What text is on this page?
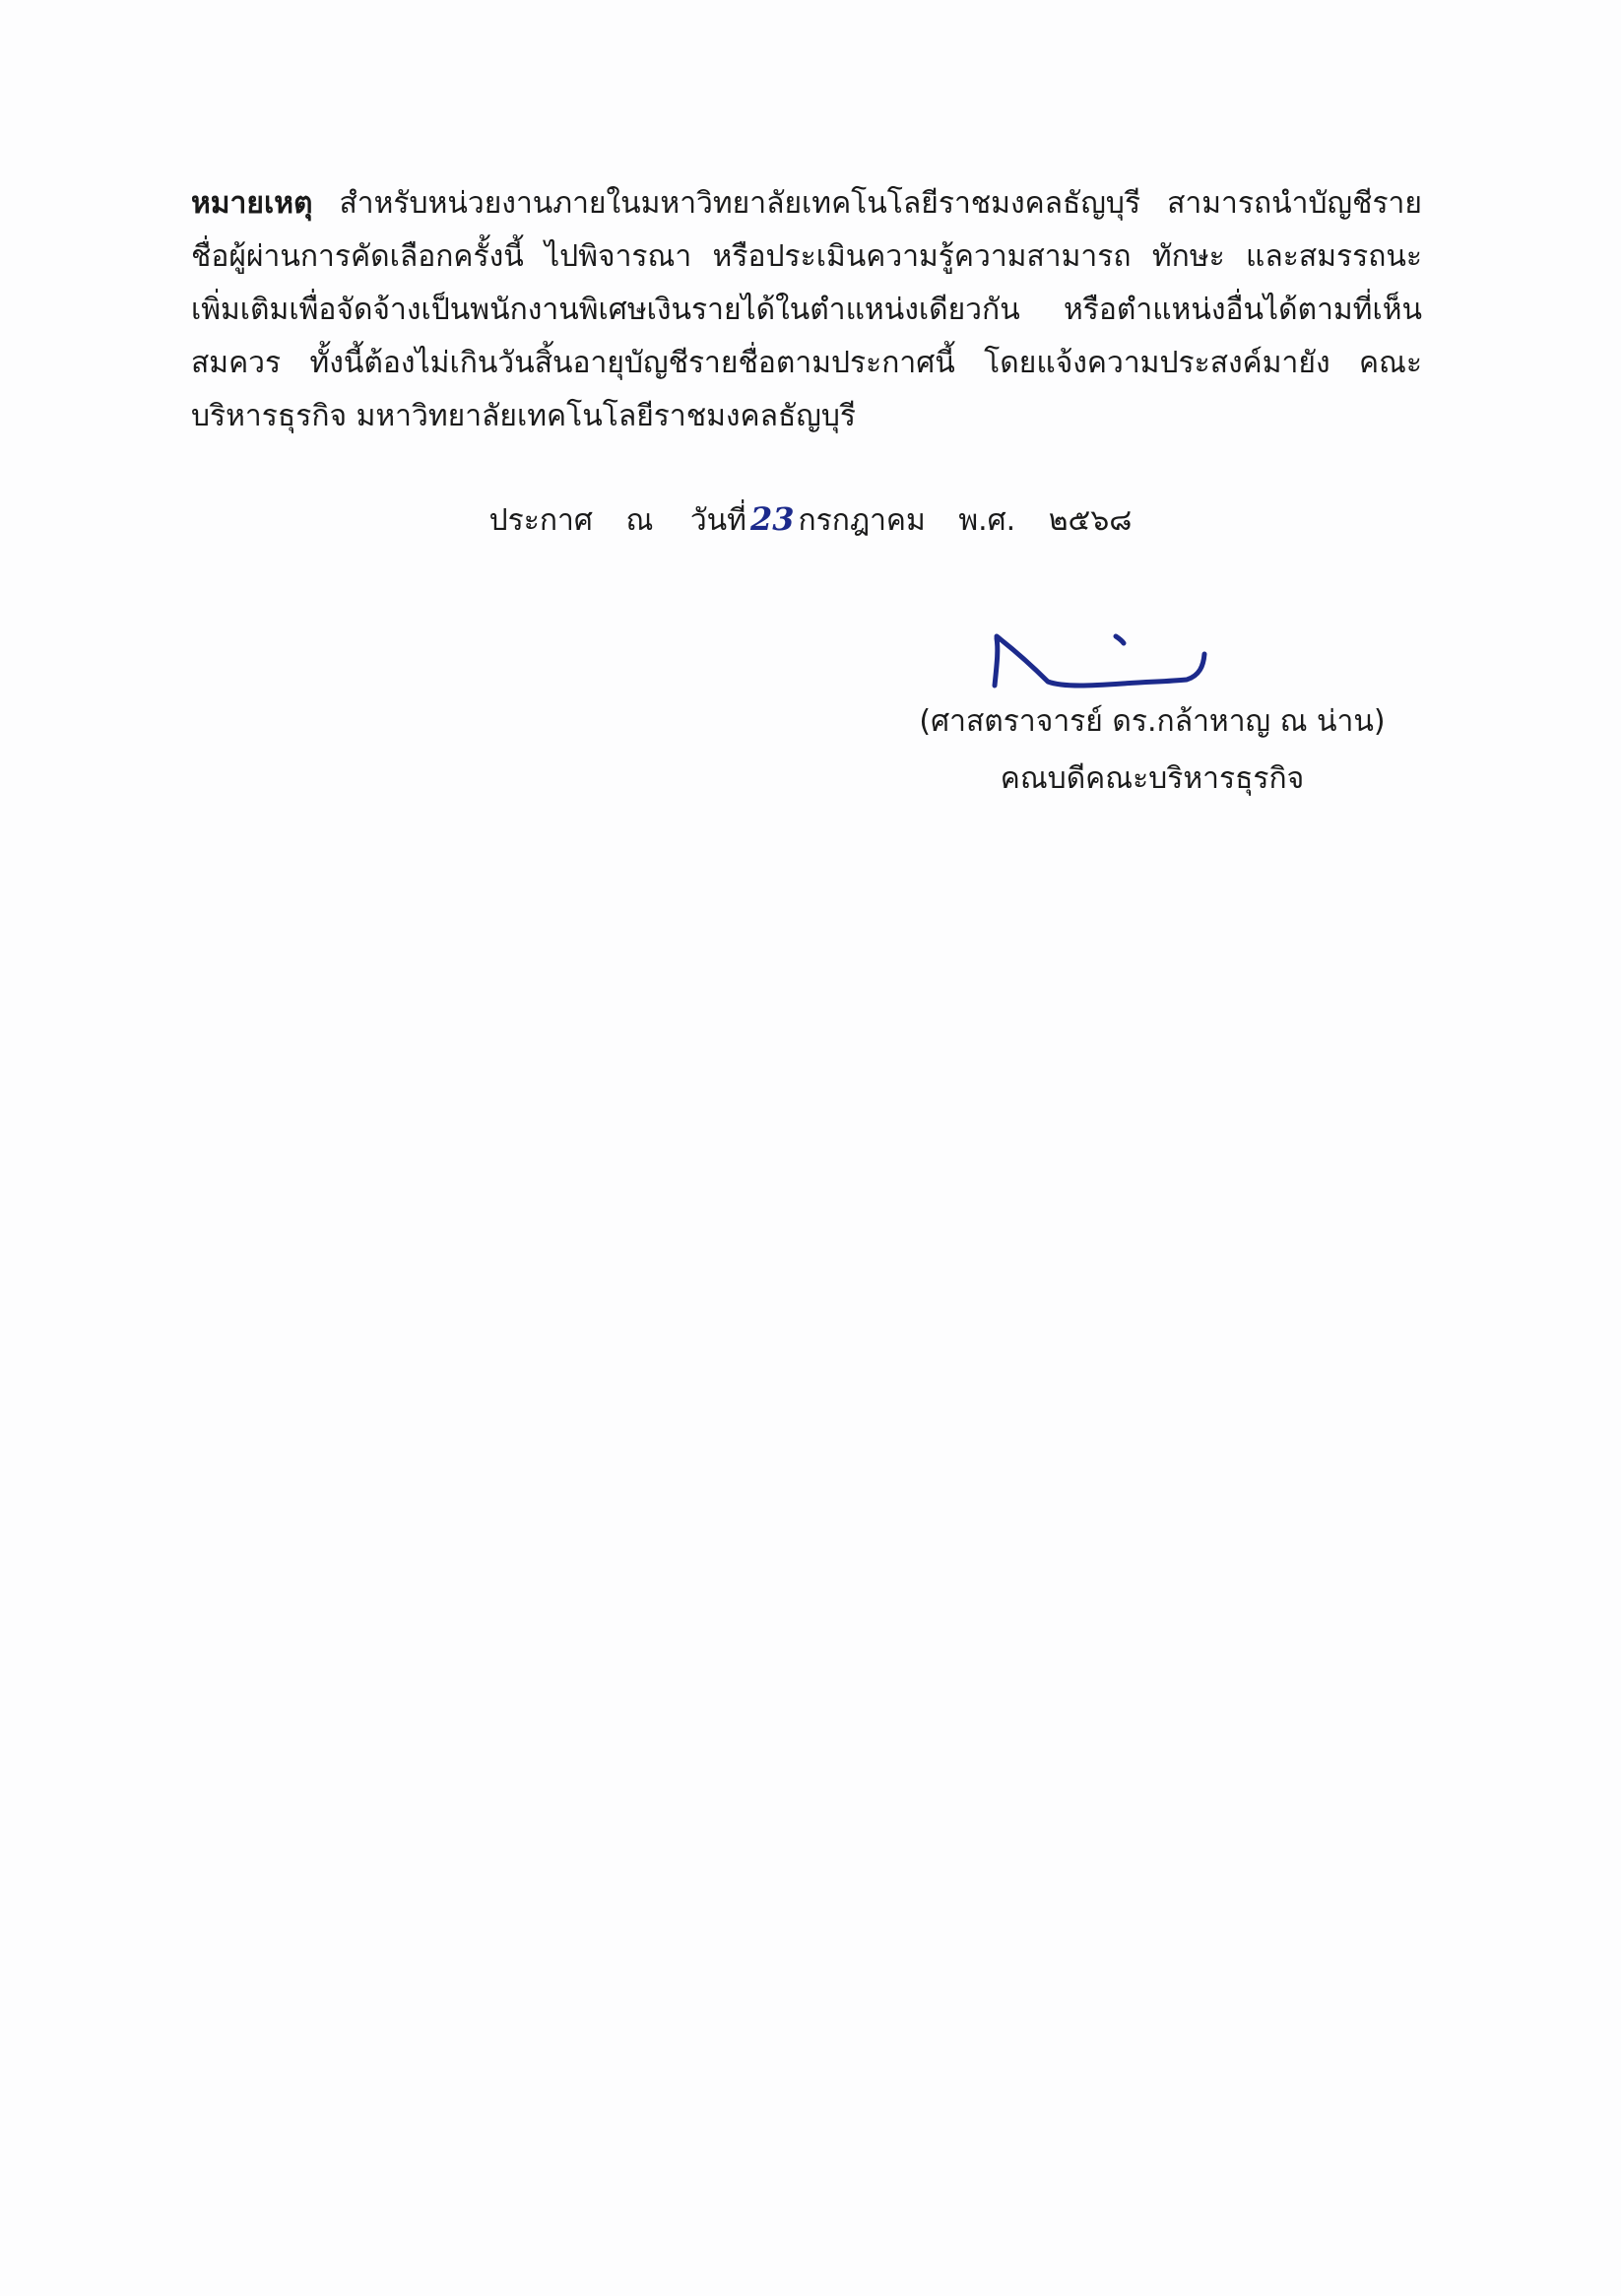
หมายเหตุ สำหรับหน่วยงานภายในมหาวิทยาลัยเทคโนโลยีราชมงคลธัญบุรี สามารถนำบัญชีรายชื่อผู้ผ่านการคัดเลือกครั้งนี้ ไปพิจารณา หรือประเมินความรู้ความสามารถ ทักษะ และสมรรถนะเพิ่มเติมเพื่อจัดจ้างเป็นพนักงานพิเศษเงินรายได้ในตำแหน่งเดียวกัน หรือตำแหน่งอื่นได้ตามที่เห็นสมควร ทั้งนี้ต้องไม่เกินวันสิ้นอายุบัญชีรายชื่อตามประกาศนี้ โดยแจ้งความประสงค์มายัง คณะบริหารธุรกิจ มหาวิทยาลัยเทคโนโลยีราชมงคลธัญบุรี

ประกาศ ณ วันที่ 23 กรกฎาคม พ.ศ. ๒๕๖๘

(ศาสตราจารย์ ดร.กล้าหาญ ณ น่าน)

คณบดีคณะบริหารธุรกิจ
